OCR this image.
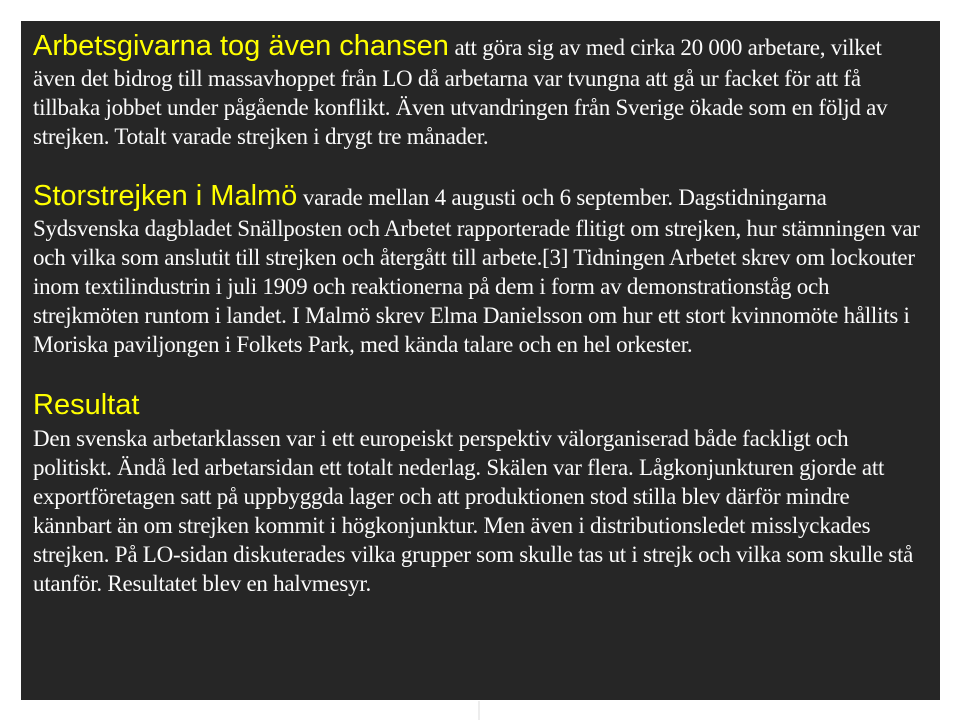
Arbetsgivarna tog även chansen att göra sig av med cirka 20 000 arbetare, vilket även det bidrog till massavhoppet från LO då arbetarna var tvungna att gå ur facket för att få tillbaka jobbet under pågående konflikt. Även utvandringen från Sverige ökade som en följd av strejken. Totalt varade strejken i drygt tre månader.

Storstrejken i Malmö varade mellan 4 augusti och 6 september. Dagstidningarna Sydsvenska dagbladet Snällposten och Arbetet rapporterade flitigt om strejken, hur stämningen var och vilka som anslutit till strejken och återgått till arbete.[3] Tidningen Arbetet skrev om lockouter inom textilindustrin i juli 1909 och reaktionerna på dem i form av demonstrationståg och strejkmöten runtom i landet. I Malmö skrev Elma Danielsson om hur ett stort kvinnomöte hållits i Moriska paviljongen i Folkets Park, med kända talare och en hel orkester.

Resultat
Den svenska arbetarklassen var i ett europeiskt perspektiv välorganiserad både fackligt och politiskt. Ändå led arbetarsidan ett totalt nederlag. Skälen var flera. Lågkonjunkturen gjorde att exportföretagen satt på uppbyggda lager och att produktionen stod stilla blev därför mindre kännbart än om strejken kommit i högkonjunktur. Men även i distributionsledet misslyckades strejken. På LO-sidan diskuterades vilka grupper som skulle tas ut i strejk och vilka som skulle stå utanför. Resultatet blev en halvmesyr.
